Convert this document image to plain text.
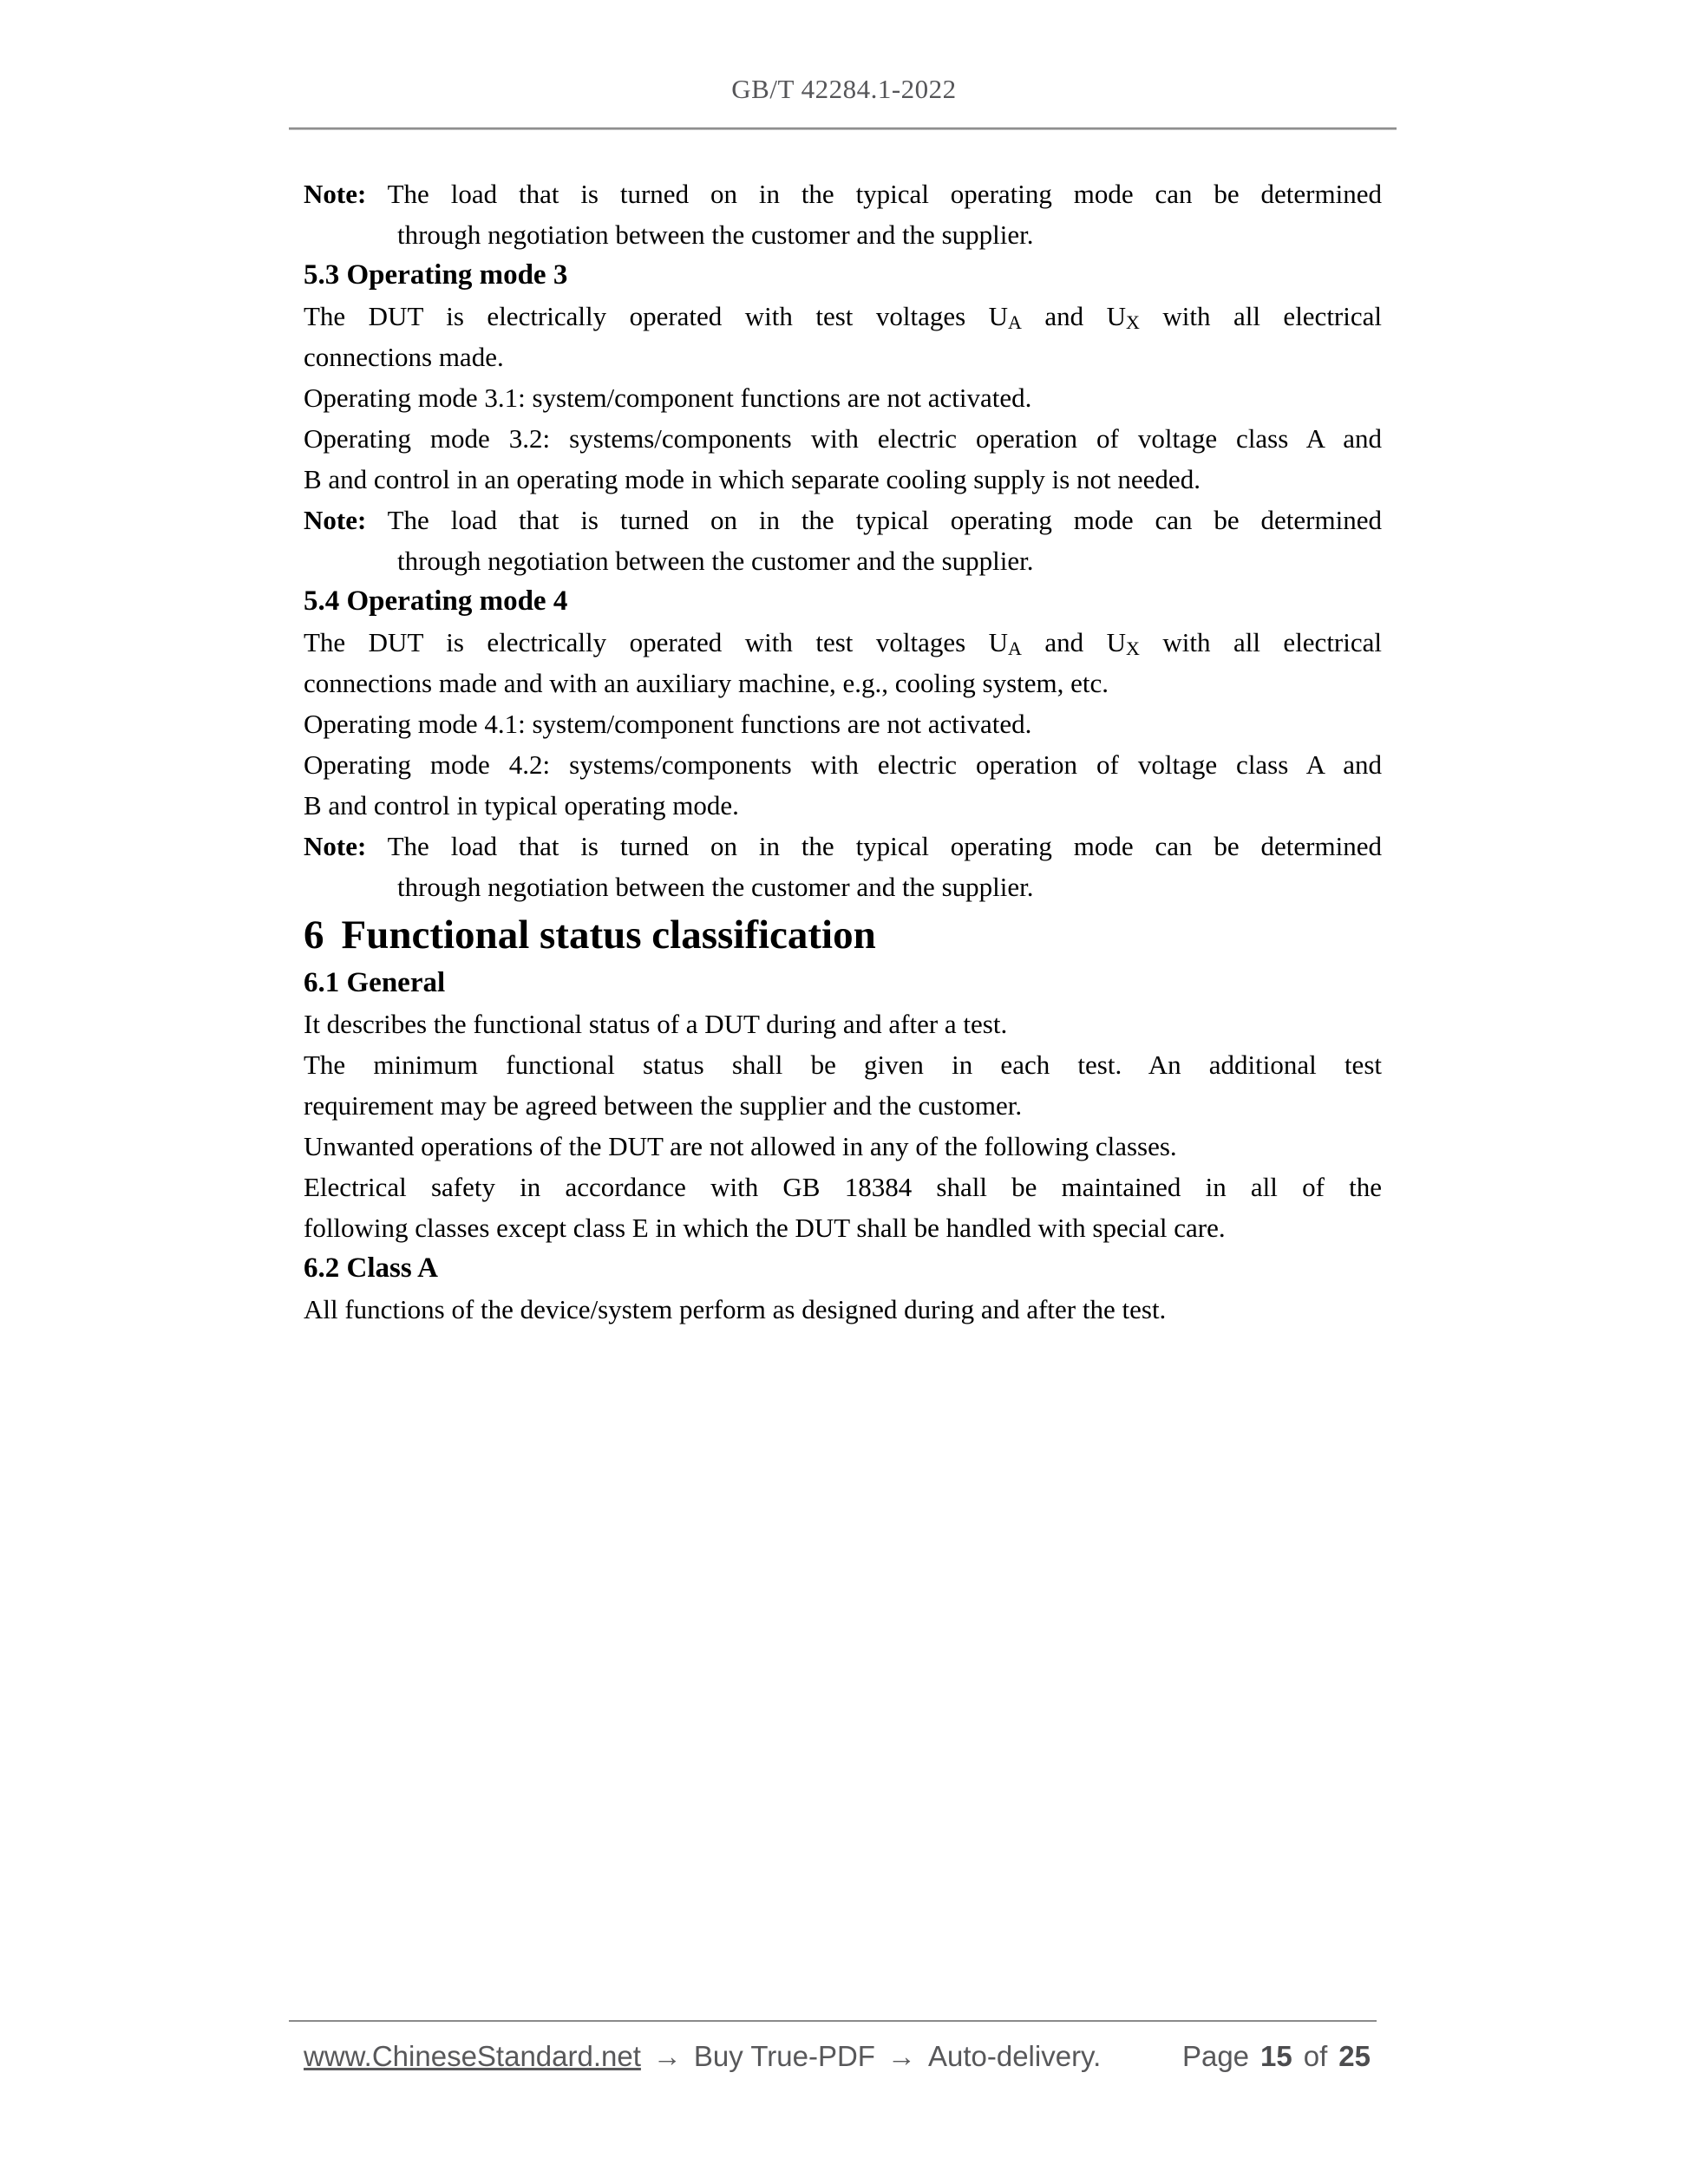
GB/T 42284.1-2022
Note: The load that is turned on in the typical operating mode can be determined
through negotiation between the customer and the supplier.
5.3 Operating mode 3
The DUT is electrically operated with test voltages $U_A$ and $U_X$ with all electrical
connections made.
Operating mode 3.1: system/component functions are not activated.
Operating mode 3.2: systems/components with electric operation of voltage class A and
B and control in an operating mode in which separate cooling supply is not needed.
Note: The load that is turned on in the typical operating mode can be determined
through negotiation between the customer and the supplier.
5.4 Operating mode 4
The DUT is electrically operated with test voltages $U_A$ and $U_X$ with all electrical
connections made and with an auxiliary machine, e.g., cooling system, etc.
Operating mode 4.1: system/component functions are not activated.
Operating mode 4.2: systems/components with electric operation of voltage class A and
B and control in typical operating mode.
Note: The load that is turned on in the typical operating mode can be determined
through negotiation between the customer and the supplier.
6 Functional status classification
6.1 General
It describes the functional status of a DUT during and after a test.
The minimum functional status shall be given in each test. An additional test
requirement may be agreed between the supplier and the customer.
Unwanted operations of the DUT are not allowed in any of the following classes.
Electrical safety in accordance with GB 18384 shall be maintained in all of the
following classes except class E in which the DUT shall be handled with special care.
6.2 Class A
All functions of the device/system perform as designed during and after the test.
www.ChineseStandard.net → Buy True-PDF → Auto-delivery.	Page 15 of 25
